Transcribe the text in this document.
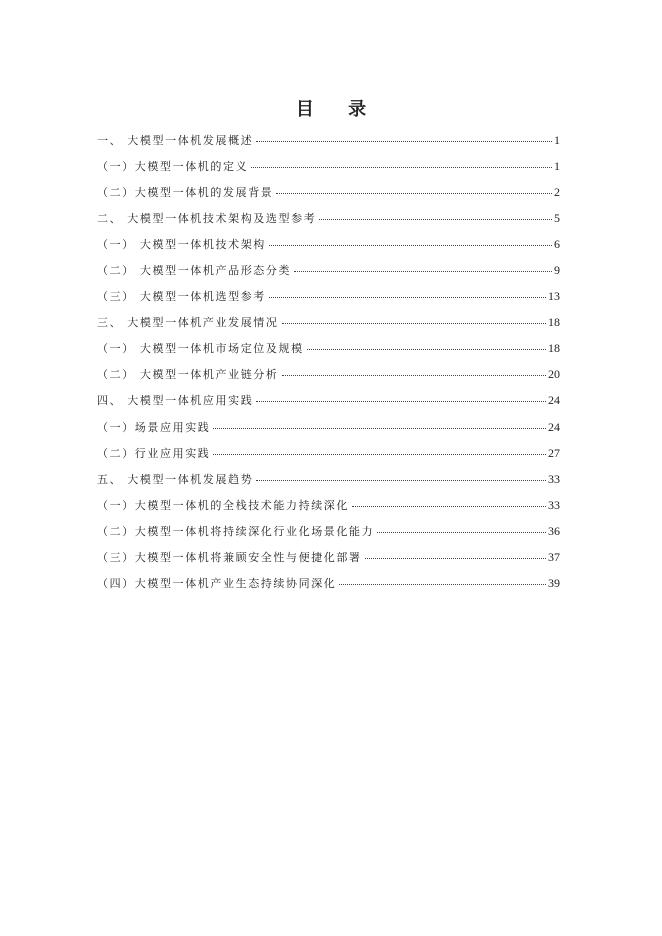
目 录
一、 大模型一体机发展概述	1
（一）大模型一体机的定义	1
（二）大模型一体机的发展背景	2
二、 大模型一体机技术架构及选型参考	5
（一） 大模型一体机技术架构	6
（二） 大模型一体机产品形态分类	9
（三） 大模型一体机选型参考	13
三、 大模型一体机产业发展情况	18
（一） 大模型一体机市场定位及规模	18
（二） 大模型一体机产业链分析	20
四、 大模型一体机应用实践	24
（一）场景应用实践	24
（二）行业应用实践	27
五、 大模型一体机发展趋势	33
（一）大模型一体机的全栈技术能力持续深化	33
（二）大模型一体机将持续深化行业化场景化能力	36
（三）大模型一体机将兼顾安全性与便捷化部署	37
（四）大模型一体机产业生态持续协同深化	39
